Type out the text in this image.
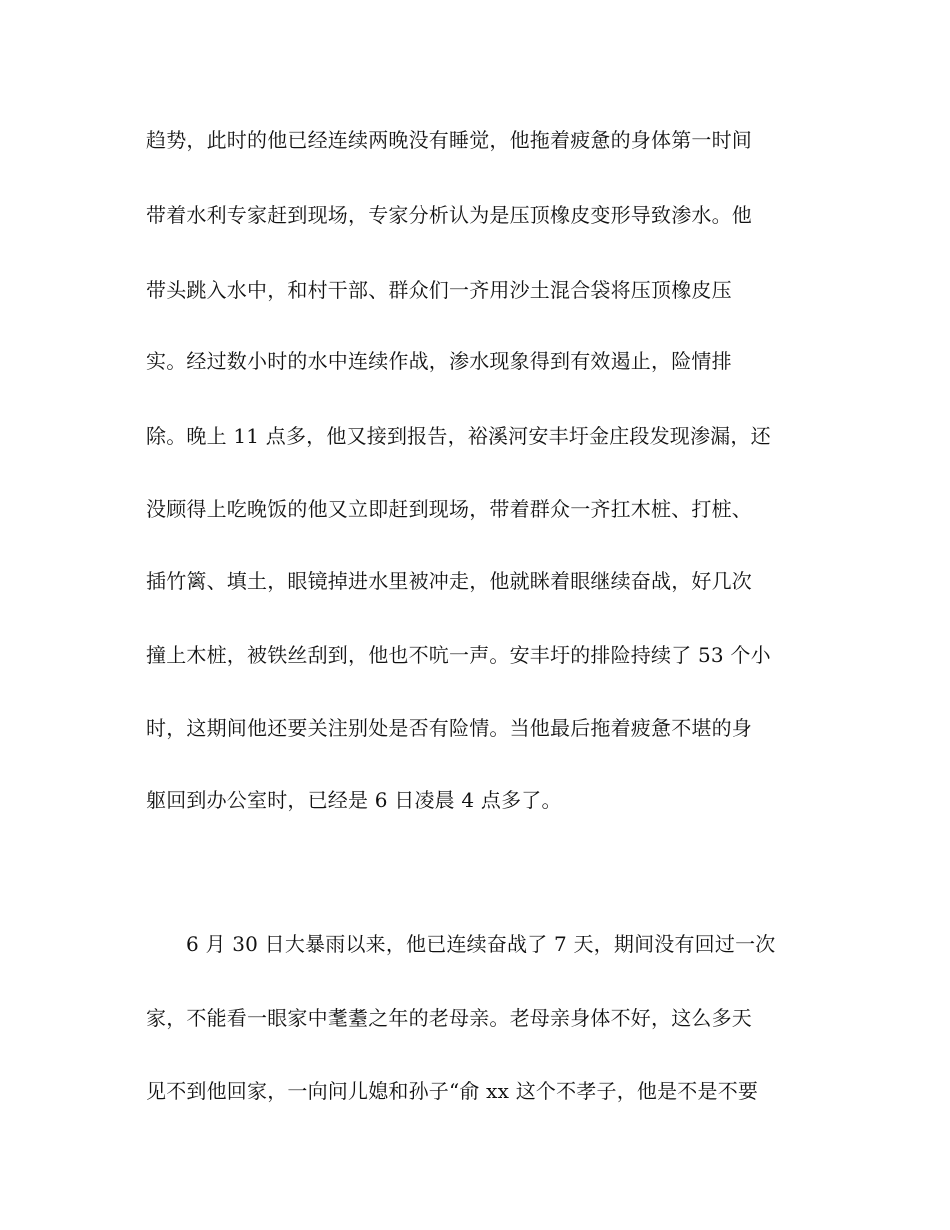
趋势，此时的他已经连续两晚没有睡觉，他拖着疲惫的身体第一时间
带着水利专家赶到现场，专家分析认为是压顶橡皮变形导致渗水。他
带头跳入水中，和村干部、群众们一齐用沙土混合袋将压顶橡皮压
实。经过数小时的水中连续作战，渗水现象得到有效遏止，险情排
除。晚上 11 点多，他又接到报告，裕溪河安丰圩金庄段发现渗漏，还
没顾得上吃晚饭的他又立即赶到现场，带着群众一齐扛木桩、打桩、
插竹篱、填土，眼镜掉进水里被冲走，他就眯着眼继续奋战，好几次
撞上木桩，被铁丝刮到，他也不吭一声。安丰圩的排险持续了 53 个小
时，这期间他还要关注别处是否有险情。当他最后拖着疲惫不堪的身
躯回到办公室时，已经是 6 日凌晨 4 点多了。
6 月 30 日大暴雨以来，他已连续奋战了 7 天，期间没有回过一次
家，不能看一眼家中耄耋之年的老母亲。老母亲身体不好，这么多天
见不到他回家，一向问儿媳和孙子“俞 xx 这个不孝子，他是不是不要
